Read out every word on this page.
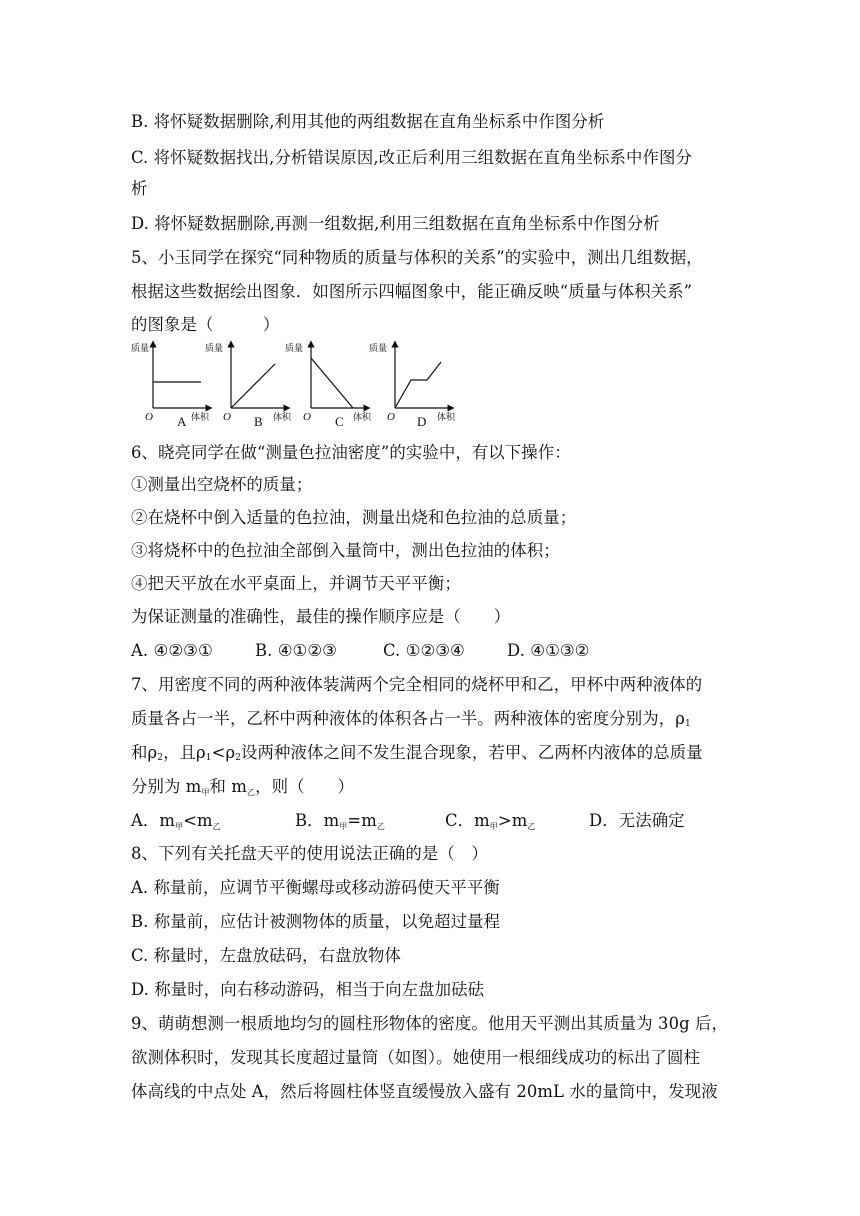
B. 将怀疑数据删除,利用其他的两组数据在直角坐标系中作图分析
C. 将怀疑数据找出,分析错误原因,改正后利用三组数据在直角坐标系中作图分
析
D. 将怀疑数据删除,再测一组数据,利用三组数据在直角坐标系中作图分析
5、小玉同学在探究“同种物质的质量与体积的关系”的实验中，测出几组数据，
根据这些数据绘出图象．如图所示四幅图象中，能正确反映“质量与体积关系”
的图象是（　　　）
质量
体积
O A
质量
体积
O B
质量
体积
O C
质量
体积
O D
6、晓亮同学在做“测量色拉油密度”的实验中，有以下操作：
①测量出空烧杯的质量；
②在烧杯中倒入适量的色拉油，测量出烧和色拉油的总质量；
③将烧杯中的色拉油全部倒入量筒中，测出色拉油的体积；
④把天平放在水平桌面上，并调节天平平衡；
为保证测量的准确性，最佳的操作顺序应是（　　）
A. ④②③①	B. ④①②③	C. ①②③④	D. ④①③②
7、用密度不同的两种液体装满两个完全相同的烧杯甲和乙，甲杯中两种液体的
质量各占一半，乙杯中两种液体的体积各占一半。两种液体的密度分别为，$\rho_1$
和$\rho_2$，且$\rho_1<\rho_2$设两种液体之间不发生混合现象，若甲、乙两杯内液体的总质量
分别为 m甲和 m乙，则（　　）
A．m甲<m乙	B．m甲=m乙	C．m甲>m乙	D．无法确定
8、下列有关托盘天平的使用说法正确的是（　）
A. 称量前，应调节平衡螺母或移动游码使天平平衡
B. 称量前，应估计被测物体的质量，以免超过量程
C. 称量时，左盘放砝码，右盘放物体
D. 称量时，向右移动游码，相当于向左盘加砝砝
9、萌萌想测一根质地均匀的圆柱形物体的密度。他用天平测出其质量为 30g 后，
欲测体积时，发现其长度超过量筒（如图）。她使用一根细线成功的标出了圆柱
体高线的中点处 A，然后将圆柱体竖直缓慢放入盛有 20mL 水的量筒中，发现液
